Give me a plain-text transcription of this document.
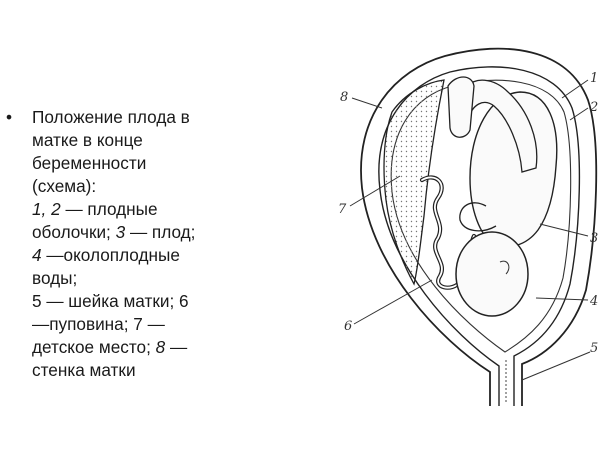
•	Положение плода в
матке в конце
беременности
(схема):
1, 2 — плодные
оболочки; 3 — плод;
4 —околоплодные
воды;
5 — шейка матки; 6
—пуповина; 7 —
детское место; 8 —
стенка матки
8
1
2
7
3
4
6
5
